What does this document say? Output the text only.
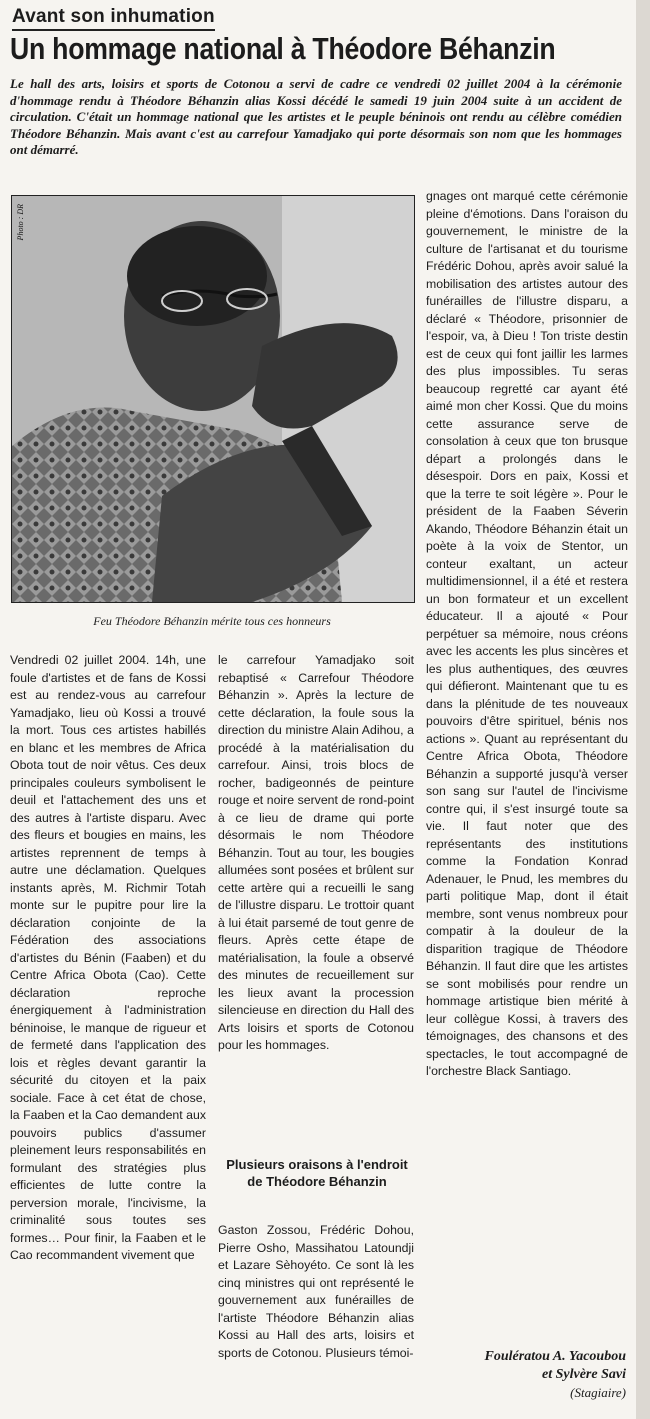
Avant son inhumation
Un hommage national à Théodore Béhanzin
Le hall des arts, loisirs et sports de Cotonou a servi de cadre ce vendredi 02 juillet 2004 à la cérémonie d'hommage rendu à Théodore Béhanzin alias Kossi décédé le samedi 19 juin 2004 suite à un accident de circulation. C'était un hommage national que les artistes et le peuple béninois ont rendu au célèbre comédien Théodore Béhanzin. Mais avant c'est au carrefour Yamadjako qui porte désormais son nom que les hommages ont démarré.
Photo : DR
Feu Théodore Béhanzin mérite tous ces honneurs

Vendredi 02 juillet 2004. 14h, une foule d'artistes et de fans de Kossi est au rendez-vous au carrefour Yamadjako, lieu où Kossi a trouvé la mort. Tous ces artistes habillés en blanc et les membres de Africa Obota tout de noir vêtus. Ces deux principales couleurs symbolisent le deuil et l'attachement des uns et des autres à l'artiste disparu. Avec des fleurs et bougies en mains, les artistes reprennent de temps à autre une déclamation. Quelques instants après, M. Richmir Totah monte sur le pupitre pour lire la déclaration conjointe de la Fédération des associations d'artistes du Bénin (Faaben) et du Centre Africa Obota (Cao). Cette déclaration reproche énergiquement à l'administration béninoise, le manque de rigueur et de fermeté dans l'application des lois et règles devant garantir la sécurité du citoyen et la paix sociale. Face à cet état de chose, la Faaben et la Cao demandent aux pouvoirs publics d'assumer pleinement leurs responsabilités en formulant des stratégies plus efficientes de lutte contre la perversion morale, l'incivisme, la criminalité sous toutes ses formes… Pour finir, la Faaben et le Cao recommandent vivement que

le carrefour Yamadjako soit rebaptisé « Carrefour Théodore Béhanzin ». Après la lecture de cette déclaration, la foule sous la direction du ministre Alain Adihou, a procédé à la matérialisation du carrefour. Ainsi, trois blocs de rocher, badigeonnés de peinture rouge et noire servent de rond-point à ce lieu de drame qui porte désormais le nom Théodore Béhanzin. Tout au tour, les bougies allumées sont posées et brûlent sur cette artère qui a recueilli le sang de l'illustre disparu. Le trottoir quant à lui était parsemé de tout genre de fleurs. Après cette étape de matérialisation, la foule a observé des minutes de recueillement sur les lieux avant la procession silencieuse en direction du Hall des Arts loisirs et sports de Cotonou pour les hommages.

Plusieurs oraisons à l'endroit de Théodore Béhanzin

Gaston Zossou, Frédéric Dohou, Pierre Osho, Massihatou Latoundji et Lazare Sèhoyéto. Ce sont là les cinq ministres qui ont représenté le gouvernement aux funérailles de l'artiste Théodore Béhanzin alias Kossi au Hall des arts, loisirs et sports de Cotonou. Plusieurs témoi-

gnages ont marqué cette cérémonie pleine d'émotions. Dans l'oraison du gouvernement, le ministre de la culture de l'artisanat et du tourisme Frédéric Dohou, après avoir salué la mobilisation des artistes autour des funérailles de l'illustre disparu, a déclaré « Théodore, prisonnier de l'espoir, va, à Dieu ! Ton triste destin est de ceux qui font jaillir les larmes des plus impossibles. Tu seras beaucoup regretté car ayant été aimé mon cher Kossi. Que du moins cette assurance serve de consolation à ceux que ton brusque départ a prolongés dans le désespoir. Dors en paix, Kossi et que la terre te soit légère ». Pour le président de la Faaben Séverin Akando, Théodore Béhanzin était un poète à la voix de Stentor, un conteur exaltant, un acteur multidimensionnel, il a été et restera un bon formateur et un excellent éducateur. Il a ajouté « Pour perpétuer sa mémoire, nous créons avec les accents les plus sincères et les plus authentiques, des œuvres qui défieront. Maintenant que tu es dans la plénitude de tes nouveaux pouvoirs d'être spirituel, bénis nos actions ». Quant au représentant du Centre Africa Obota, Théodore Béhanzin a supporté jusqu'à verser son sang sur l'autel de l'incivisme contre qui, il s'est insurgé toute sa vie. Il faut noter que des représentants des institutions comme la Fondation Konrad Adenauer, le Pnud, les membres du parti politique Map, dont il était membre, sont venus nombreux pour compatir à la douleur de la disparition tragique de Théodore Béhanzin. Il faut dire que les artistes se sont mobilisés pour rendre un hommage artistique bien mérité à leur collègue Kossi, à travers des témoignages, des chansons et des spectacles, le tout accompagné de l'orchestre Black Santiago.

Foulératou A. Yacoubou
et Sylvère Savi
(Stagiaire)
